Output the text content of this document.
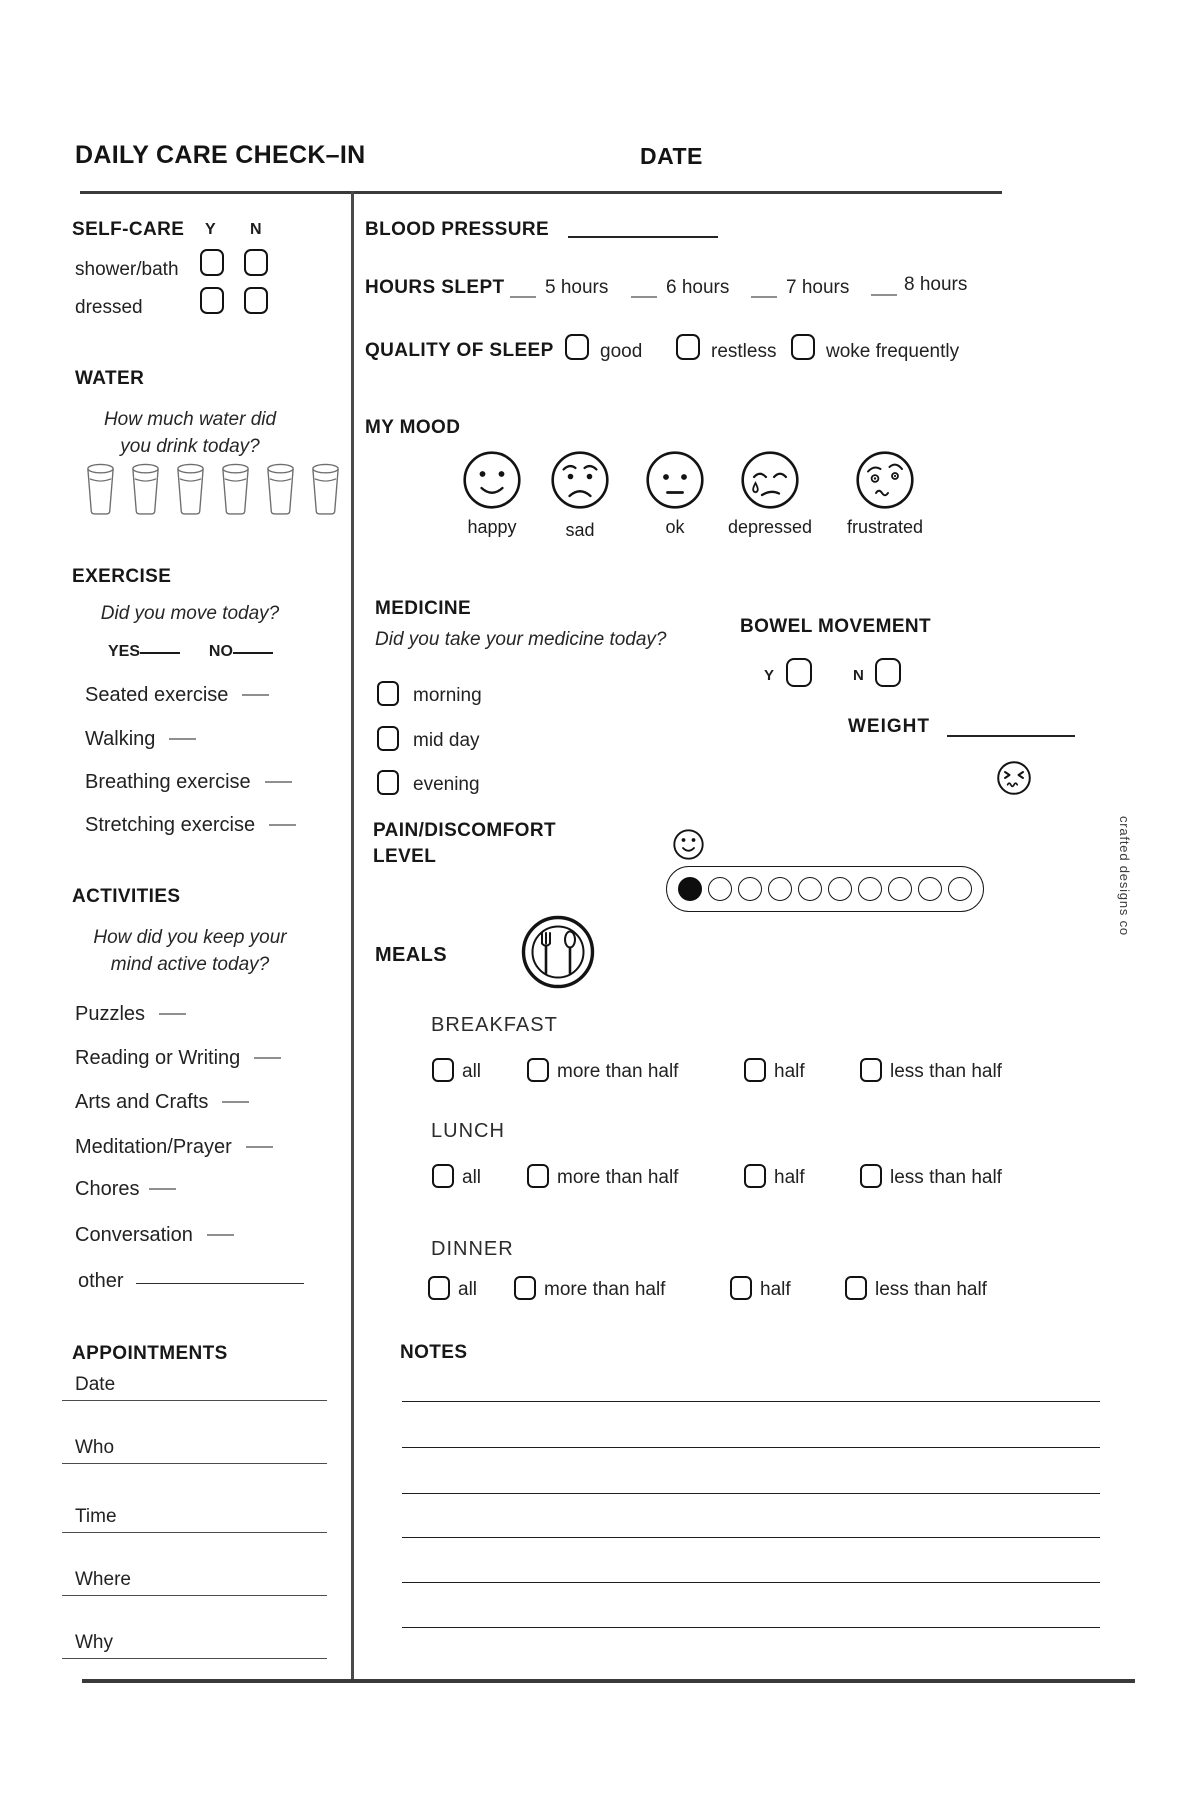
DAILY CARE CHECK–IN	DATE
SELF-CARE Y N
shower/bath
dressed
WATER
How much water did
you drink today?
EXERCISE
Did you move today?
YES	NO
Seated exercise
Walking
Breathing exercise
Stretching exercise
ACTIVITIES
How did you keep your
mind active today?
Puzzles
Reading or Writing
Arts and Crafts
Meditation/Prayer
Chores
Conversation
other
APPOINTMENTS
Date
Who
Time
Where
Why
BLOOD PRESSURE
HOURS SLEPT 5 hours	6 hours	7 hours	8 hours
QUALITY OF SLEEP good	restless	woke frequently
MY MOOD
happy	sad	ok	depressed	frustrated
MEDICINE
Did you take your medicine today?
morning
mid day
evening
BOWEL MOVEMENT
Y	N
WEIGHT
PAIN/DISCOMFORT
LEVEL
MEALS
BREAKFAST
all	more than half	half	less than half
LUNCH
all	more than half	half	less than half
DINNER
all	more than half	half	less than half
NOTES
crafted designs co
